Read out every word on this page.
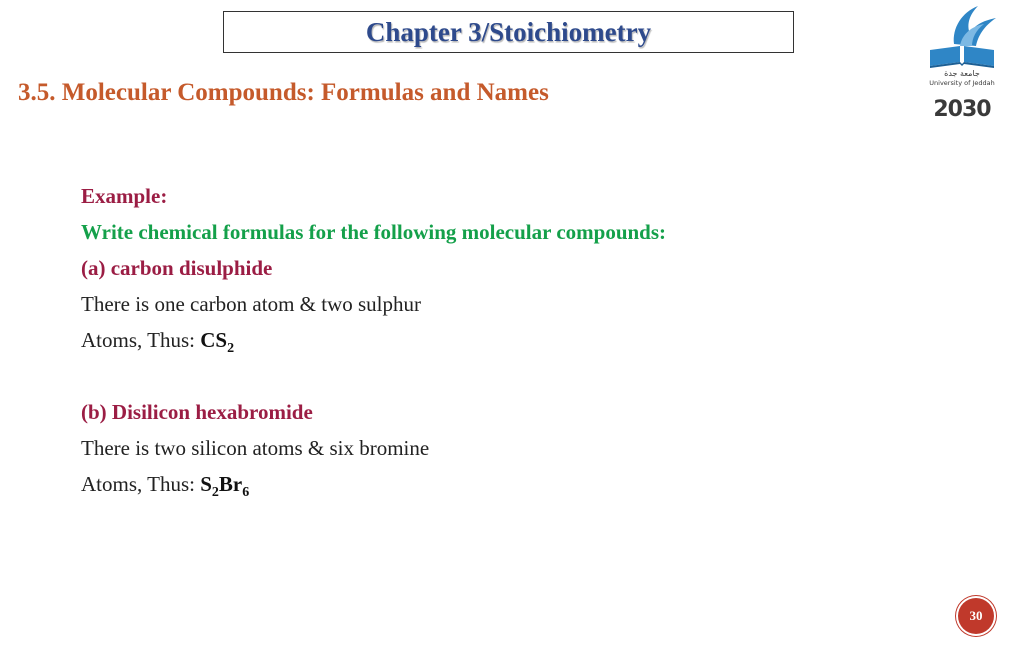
Chapter 3/Stoichiometry
3.5. Molecular Compounds: Formulas and Names
جامعة جدة
University of Jeddah
2030
Example:
Write chemical formulas for the following molecular compounds:
(a) carbon disulphide
There is one carbon atom & two sulphur
Atoms, Thus: $CS_2$
(b) Disilicon hexabromide
There is two silicon atoms & six bromine
Atoms, Thus: $S_2Br_6$
30
